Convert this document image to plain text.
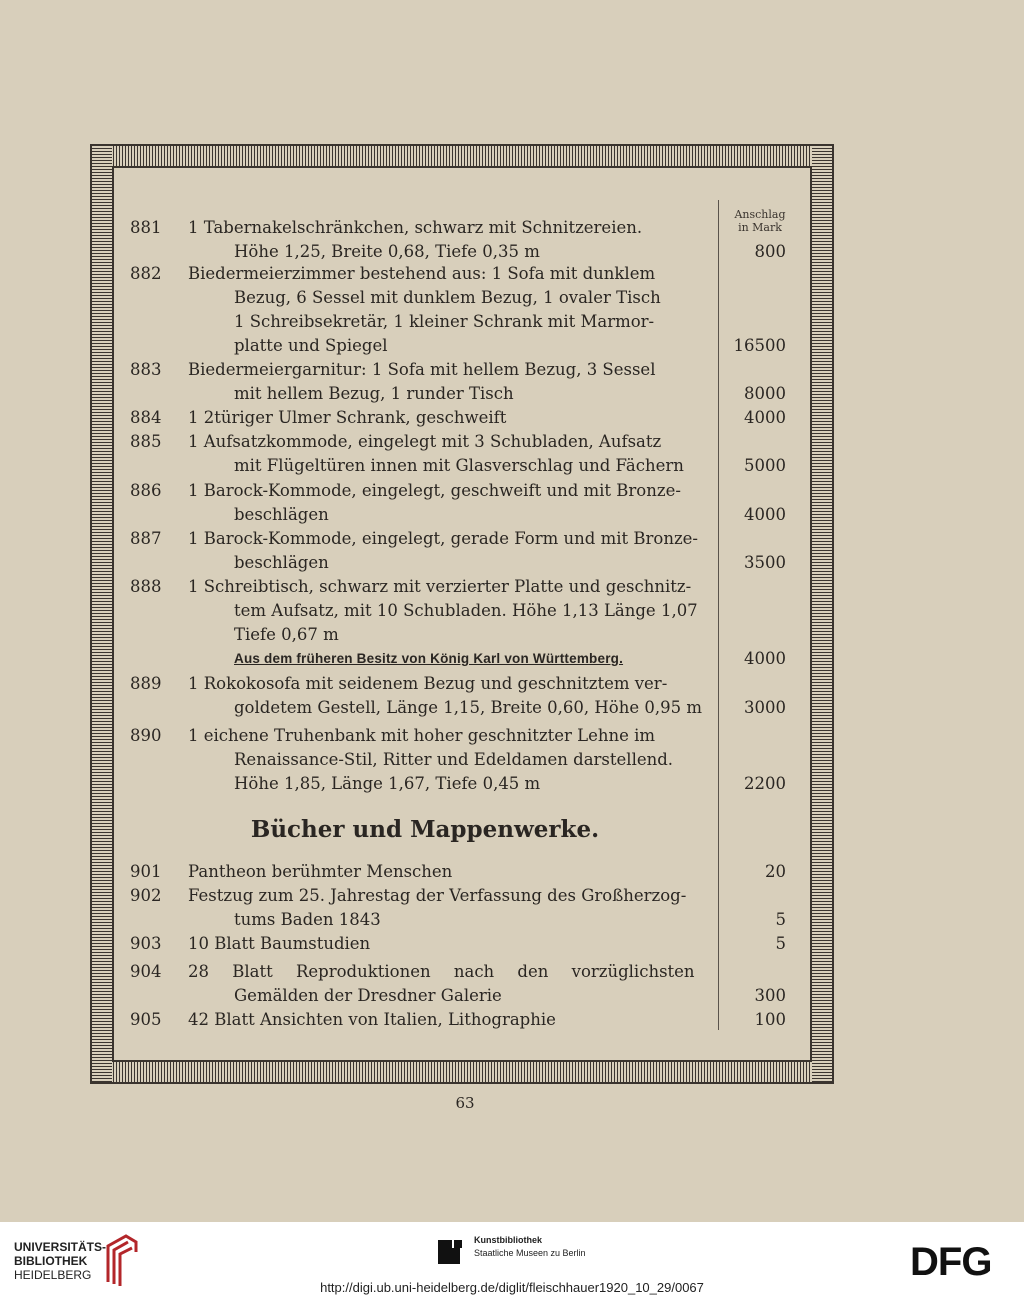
Anschlag
in Mark
881	1 Tabernakelschränkchen, schwarz mit Schnitzereien.
Höhe 1,25, Breite 0,68, Tiefe 0,35 m	800
882	Biedermeierzimmer bestehend aus: 1 Sofa mit dunklem
Bezug, 6 Sessel mit dunklem Bezug, 1 ovaler Tisch
1 Schreibsekretär, 1 kleiner Schrank mit Marmor-
platte und Spiegel	16500
883	Biedermeiergarnitur: 1 Sofa mit hellem Bezug, 3 Sessel
mit hellem Bezug, 1 runder Tisch	8000
884	1 2türiger Ulmer Schrank, geschweift	4000
885	1 Aufsatzkommode, eingelegt mit 3 Schubladen, Aufsatz
mit Flügeltüren innen mit Glasverschlag und Fächern	5000
886	1 Barock-Kommode, eingelegt, geschweift und mit Bronze-
beschlägen	4000
887	1 Barock-Kommode, eingelegt, gerade Form und mit Bronze-
beschlägen	3500
888	1 Schreibtisch, schwarz mit verzierter Platte und geschnitz-
tem Aufsatz, mit 10 Schubladen. Höhe 1,13 Länge 1,07
Tiefe 0,67 m
Aus dem früheren Besitz von König Karl von Württemberg.	4000
889	1 Rokokosofa mit seidenem Bezug und geschnitztem ver-
goldetem Gestell, Länge 1,15, Breite 0,60, Höhe 0,95 m	3000
890	1 eichene Truhenbank mit hoher geschnitzter Lehne im
Renaissance-Stil, Ritter und Edeldamen darstellend.
Höhe 1,85, Länge 1,67, Tiefe 0,45 m	2200
Bücher und Mappenwerke.
901	Pantheon berühmter Menschen	20
902	Festzug zum 25. Jahrestag der Verfassung des Großherzog-
tums Baden 1843	5
903	10 Blatt Baumstudien	5
904	28 Blatt Reproduktionen nach den vorzüglichsten
Gemälden der Dresdner Galerie	300
905	42 Blatt Ansichten von Italien, Lithographie	100
63
UNIVERSITÄTS-
BIBLIOTHEK
HEIDELBERG
Kunstbibliothek
Staatliche Museen zu Berlin	DFG
http://digi.ub.uni-heidelberg.de/diglit/fleischhauer1920_10_29/0067
